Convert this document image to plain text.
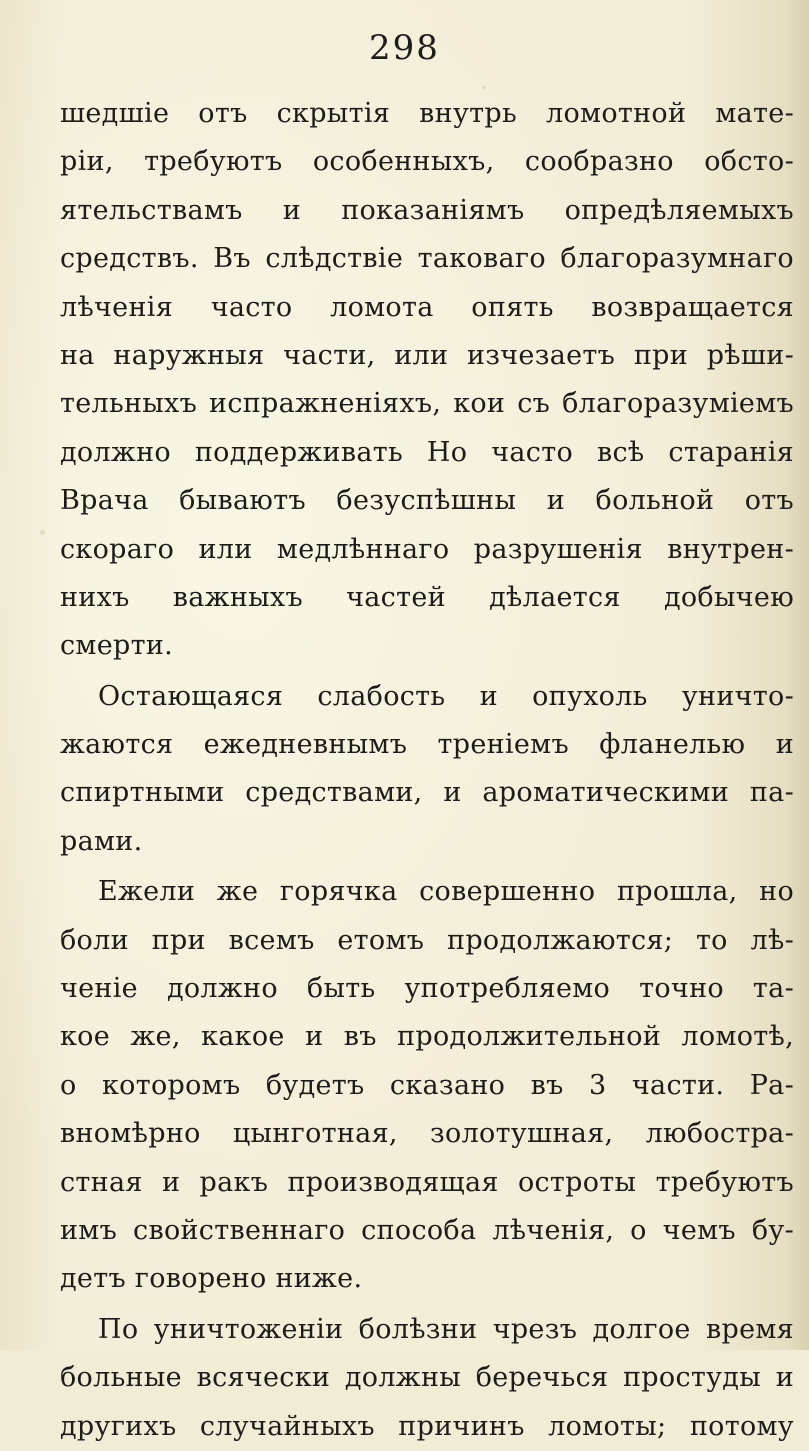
298
шедшіе отъ скрытія внутрь ломотной мате-
ріи, требуютъ особенныхъ, сообразно обсто-
ятельствамъ и показаніямъ опредѣляемыхъ
средствъ. Въ слѣдствіе таковаго благоразумнаго
лѣченія часто ломота опять возвращается
на наружныя части, или изчезаетъ при рѣши-
тельныхъ испражненіяхъ, кои съ благоразуміемъ
должно поддерживать Но часто всѣ старанія
Врача бываютъ безуспѣшны и больной отъ
скораго или медлѣннаго разрушенія внутрен-
нихъ важныхъ частей дѣлается добычею
смерти.
Остающаяся слабость и опухоль уничто-
жаются ежедневнымъ треніемъ фланелью и
спиртными средствами, и ароматическими па-
рами.
Ежели же горячка совершенно прошла, но
боли при всемъ етомъ продолжаются; то лѣ-
ченіе должно быть употребляемо точно та-
кое же, какое и въ продолжительной ломотѣ,
о которомъ будетъ сказано въ 3 части. Ра-
вномѣрно цынготная, золотушная, любостра-
стная и ракъ производящая остроты требуютъ
имъ свойственнаго способа лѣченія, о чемъ бу-
детъ говорено ниже.
По уничтоженіи болѣзни чрезъ долгое время
больные всячески должны беречься простуды и
другихъ случайныхъ причинъ ломоты; потому
